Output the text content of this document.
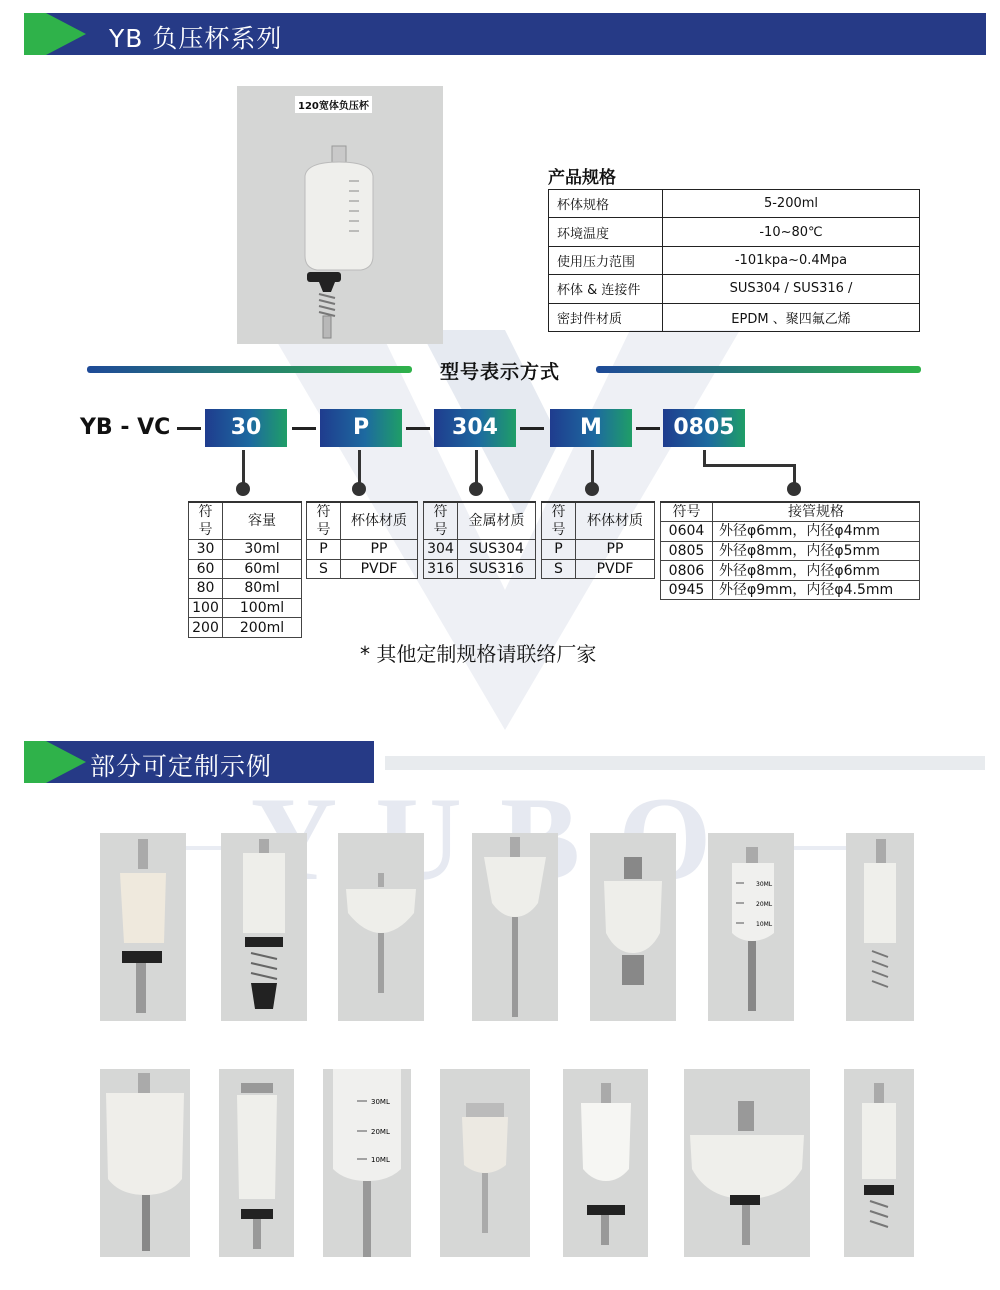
YB 负压杯系列
120宽体负压杯
产品规格
杯体规格	5-200ml
环境温度	-10~80℃
使用压力范围	-101kpa~0.4Mpa
杯体 & 连接件	SUS304 / SUS316 /
密封件材质	EPDM 、聚四氟乙烯
型号表示方式
YB - VC	30	P	304	M	0805
符号	容量
30	30ml
60	60ml
80	80ml
100	100ml
200	200ml
符号	杯体材质
P	PP
S	PVDF
符号	金属材质
304	SUS304
316	SUS316
符号	杯体材质
P	PP
S	PVDF
符号	接管规格
0604	外径φ6mm，内径φ4mm
0805	外径φ8mm，内径φ5mm
0806	外径φ8mm，内径φ6mm
0945	外径φ9mm，内径φ4.5mm
* 其他定制规格请联络厂家
部分可定制示例
30ML
20ML
10ML
30ML
20ML
10ML
